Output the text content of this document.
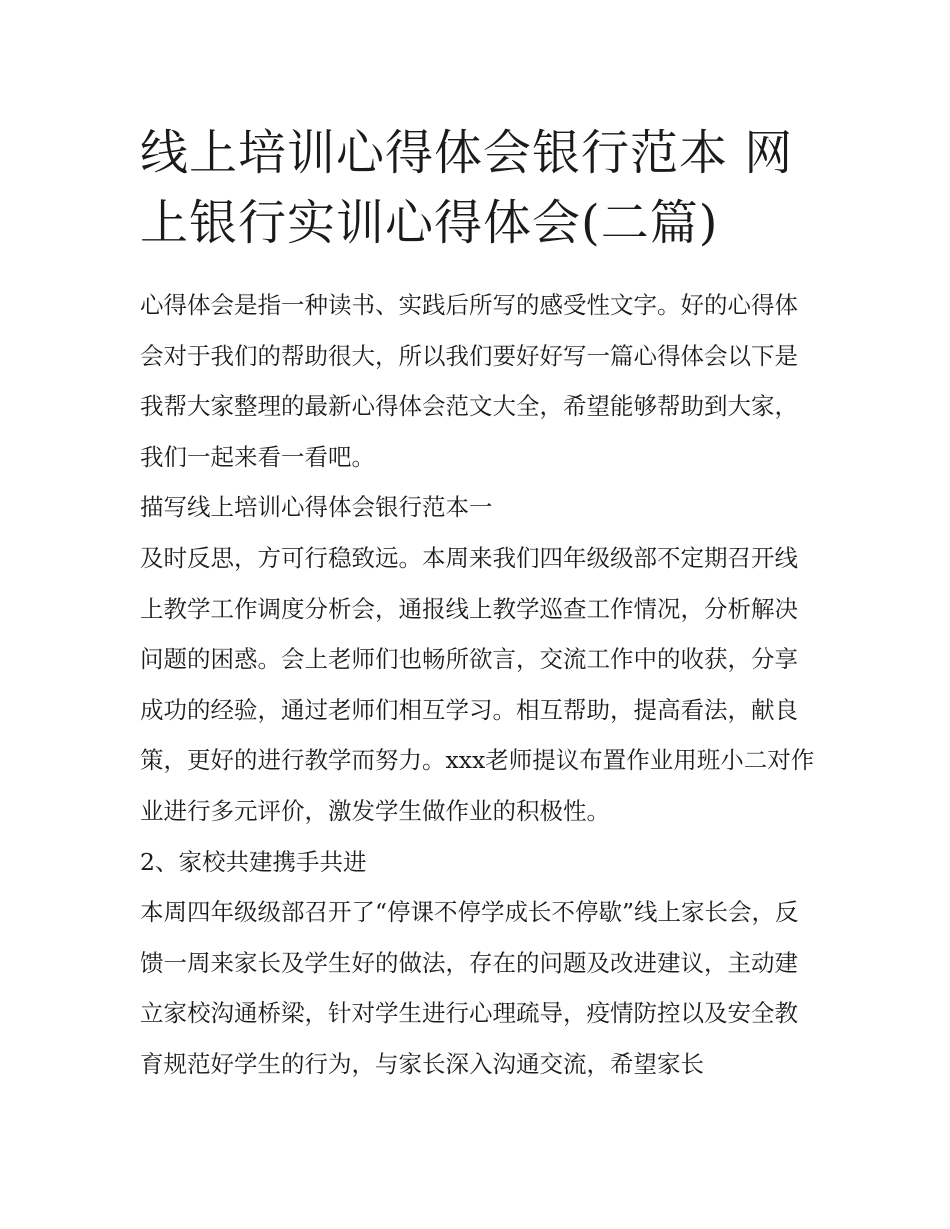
线上培训心得体会银行范本 网上银行实训心得体会(二篇)

心得体会是指一种读书、实践后所写的感受性文字。好的心得体会对于我们的帮助很大，所以我们要好好写一篇心得体会以下是我帮大家整理的最新心得体会范文大全，希望能够帮助到大家，我们一起来看一看吧。

描写线上培训心得体会银行范本一

及时反思，方可行稳致远。本周来我们四年级级部不定期召开线上教学工作调度分析会，通报线上教学巡查工作情况，分析解决问题的困惑。会上老师们也畅所欲言，交流工作中的收获，分享成功的经验，通过老师们相互学习。相互帮助，提高看法，献良策，更好的进行教学而努力。xxx老师提议布置作业用班小二对作业进行多元评价，激发学生做作业的积极性。

2、家校共建携手共进

本周四年级级部召开了“停课不停学成长不停歇”线上家长会，反馈一周来家长及学生好的做法，存在的问题及改进建议，主动建立家校沟通桥梁，针对学生进行心理疏导，疫情防控以及安全教育规范好学生的行为，与家长深入沟通交流，希望家长
